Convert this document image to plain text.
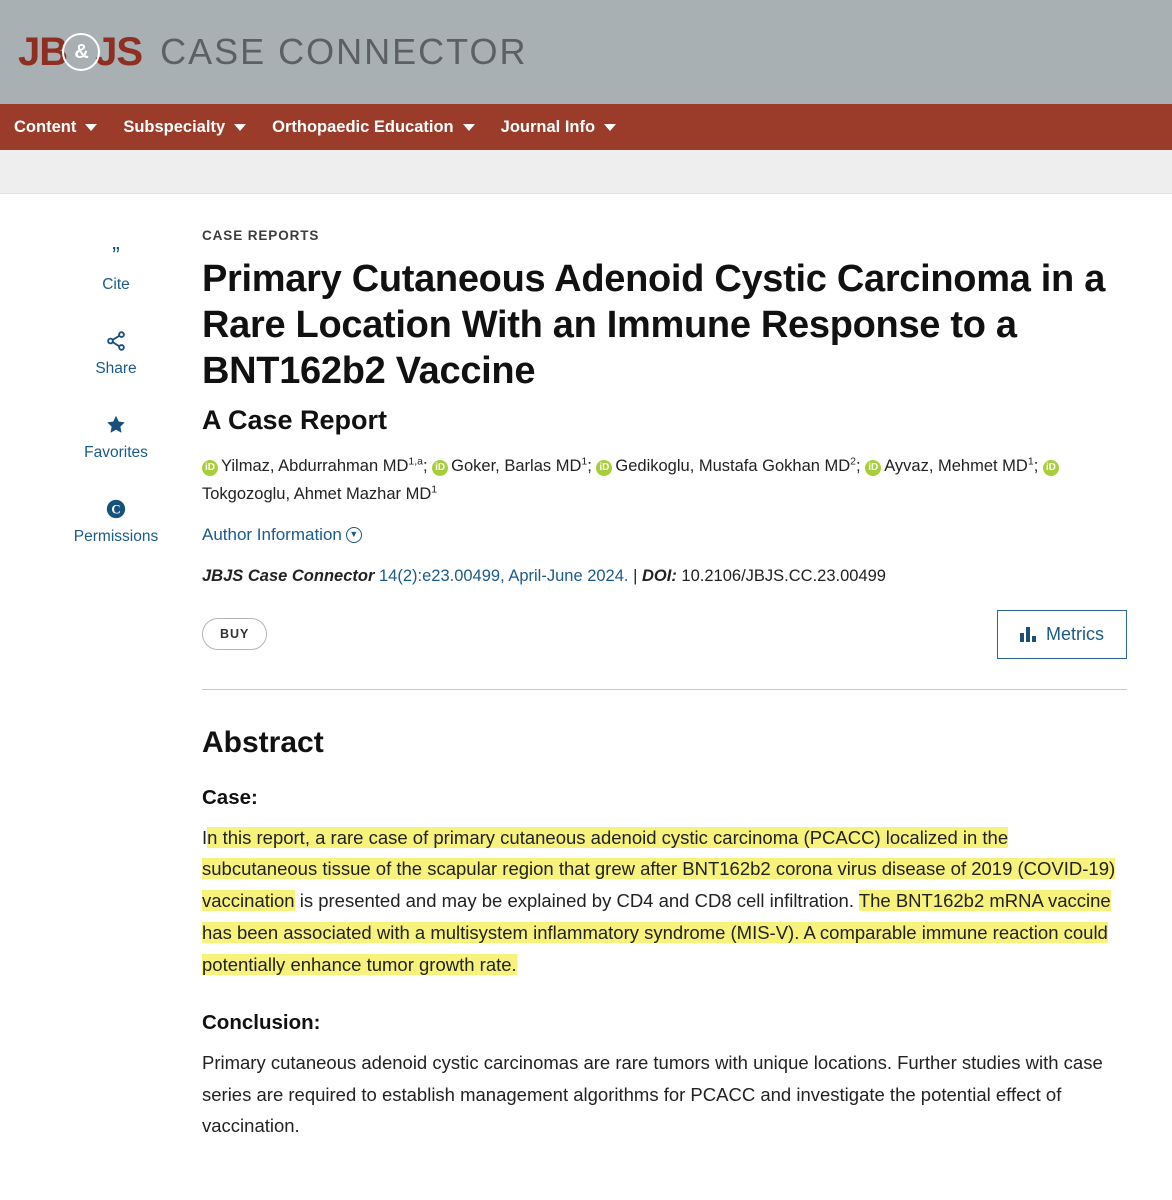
JB & JS CASE CONNECTOR
Content	Subspecialty	Orthopaedic Education	Journal Info
”
Cite
Share
Favorites
C
Permissions
CASE REPORTS
Primary Cutaneous Adenoid Cystic Carcinoma in a Rare Location With an Immune Response to a BNT162b2 Vaccine
A Case Report
iD Yilmaz, Abdurrahman MD$^{1,a}$; iD Goker, Barlas $MD^1$; iD Gedikoglu, Mustafa Gokhan $MD^2$; iD Ayvaz, Mehmet $MD^1$; iDTokgozoglu, Ahmet Mazhar $MD^1$
Author Information ▼
JBJS Case Connector 14(2):e23.00499, April-June 2024. | DOI: 10.2106/JBJS.CC.23.00499
BUY	Metrics
Abstract
Case:

In this report, a rare case of primary cutaneous adenoid cystic carcinoma (PCACC) localized in the subcutaneous tissue of the scapular region that grew after BNT162b2 corona virus disease of 2019 (COVID-19) vaccination is presented and may be explained by CD4 and CD8 cell infiltration. The BNT162b2 mRNA vaccine has been associated with a multisystem inflammatory syndrome (MIS-V). A comparable immune reaction could potentially enhance tumor growth rate.

Conclusion:

Primary cutaneous adenoid cystic carcinomas are rare tumors with unique locations. Further studies with case series are required to establish management algorithms for PCACC and investigate the potential effect of vaccination.
